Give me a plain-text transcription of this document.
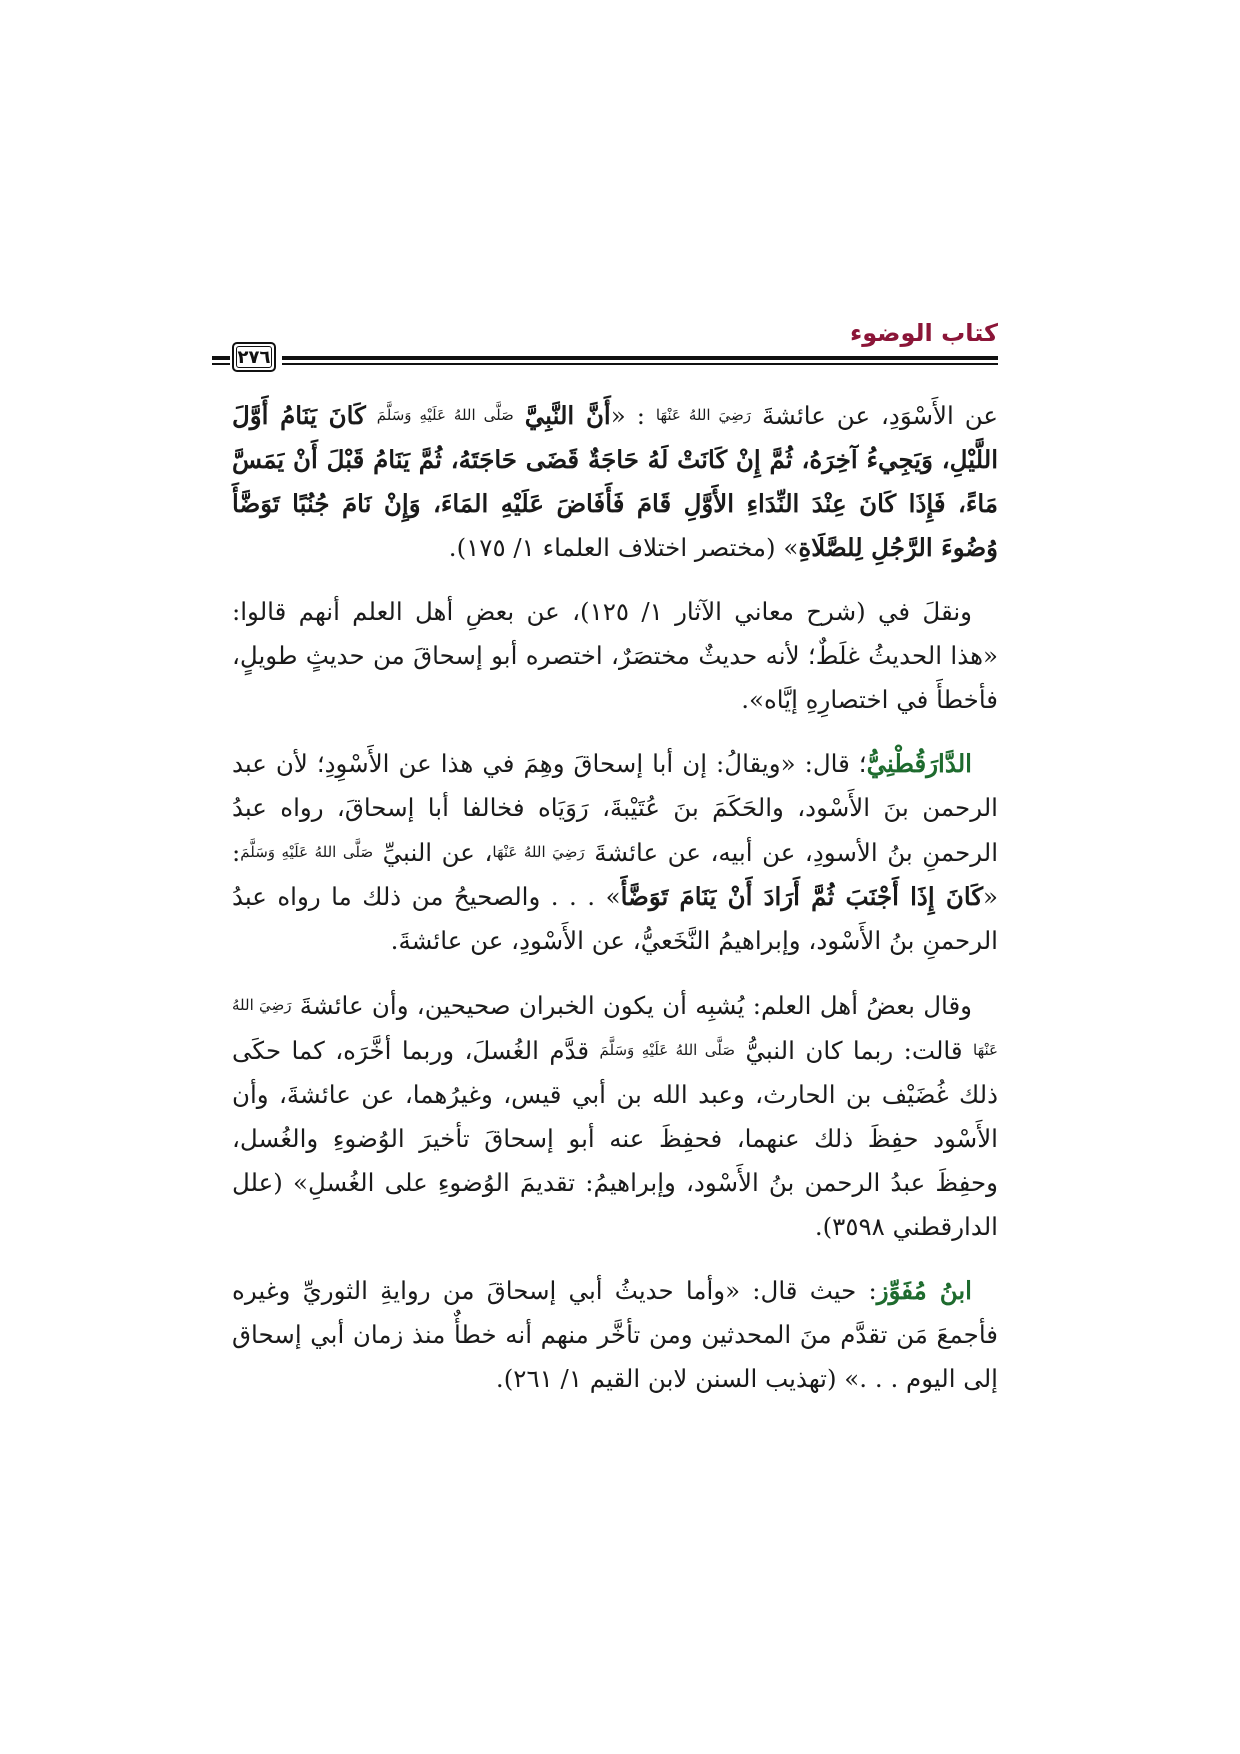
كتاب الوضوء
٢٧٦

عن الأَسْوَدِ، عن عائشةَ رَضِيَ اللهُ عَنْهَا : «أَنَّ النَّبِيَّ صَلَّى اللهُ عَلَيْهِ وَسَلَّمَ كَانَ يَنَامُ أَوَّلَ اللَّيْلِ، وَيَجِيءُ آخِرَهُ، ثُمَّ إِنْ كَانَتْ لَهُ حَاجَةٌ قَضَى حَاجَتَهُ، ثُمَّ يَنَامُ قَبْلَ أَنْ يَمَسَّ مَاءً، فَإِذَا كَانَ عِنْدَ النِّدَاءِ الأَوَّلِ قَامَ فَأَفَاضَ عَلَيْهِ المَاءَ، وَإِنْ نَامَ جُنُبًا تَوَضَّأَ وُضُوءَ الرَّجُلِ لِلصَّلَاةِ» (مختصر اختلاف العلماء ١/ ١٧٥).

ونقلَ في (شرح معاني الآثار ١/ ١٢٥)، عن بعضِ أهل العلم أنهم قالوا: «هذا الحديثُ غلَطٌ؛ لأنه حديثٌ مختصَرٌ، اختصره أبو إسحاقَ من حديثٍ طويلٍ، فأخطأَ في اختصارِهِ إيَّاه».

الدَّارَقُطْنِيُّ؛ قال: «ويقالُ: إن أبا إسحاقَ وهِمَ في هذا عن الأَسْوِدِ؛ لأن عبد الرحمن بنَ الأَسْود، والحَكَمَ بنَ عُتَيْبةَ، رَوَيَاه فخالفا أبا إسحاقَ، رواه عبدُ الرحمنِ بنُ الأسودِ، عن أبيه، عن عائشةَ رَضِيَ اللهُ عَنْهَا، عن النبيِّ صَلَّى اللهُ عَلَيْهِ وَسَلَّمَ: «كَانَ إِذَا أَجْنَبَ ثُمَّ أَرَادَ أَنْ يَنَامَ تَوَضَّأَ» . . . والصحيحُ من ذلك ما رواه عبدُ الرحمنِ بنُ الأَسْود، وإبراهيمُ النَّخَعيُّ، عن الأَسْودِ، عن عائشةَ.

وقال بعضُ أهل العلم: يُشبِه أن يكون الخبران صحيحين، وأن عائشةَ رَضِيَ اللهُ عَنْهَا قالت: ربما كان النبيُّ صَلَّى اللهُ عَلَيْهِ وَسَلَّمَ قدَّم الغُسلَ، وربما أخَّرَه، كما حكَى ذلك غُضَيْف بن الحارث، وعبد الله بن أبي قيس، وغيرُهما، عن عائشةَ، وأن الأَسْود حفِظَ ذلك عنهما، فحفِظَ عنه أبو إسحاقَ تأخيرَ الوُضوءِ والغُسل، وحفِظَ عبدُ الرحمن بنُ الأَسْود، وإبراهيمُ: تقديمَ الوُضوءِ على الغُسلِ» (علل الدارقطني ٣٥٩٨).

ابنُ مُفَوِّز: حيث قال: «وأما حديثُ أبي إسحاقَ من روايةِ الثوريِّ وغيره فأجمعَ مَن تقدَّم منَ المحدثين ومن تأخَّر منهم أنه خطأٌ منذ زمان أبي إسحاق إلى اليوم . . .» (تهذيب السنن لابن القيم ١/ ٢٦١).
